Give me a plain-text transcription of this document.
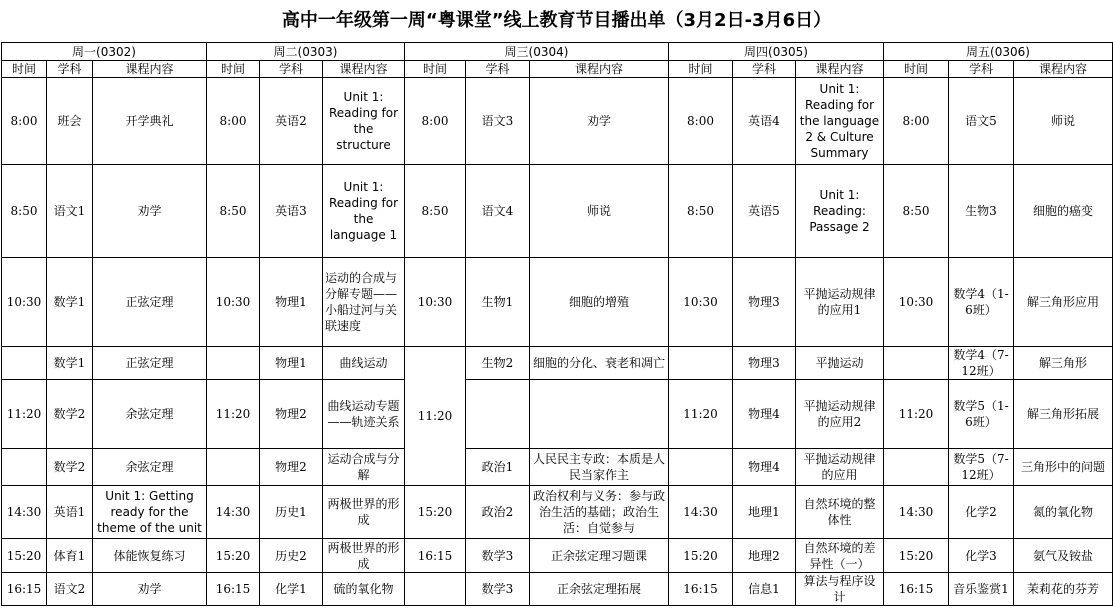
高中一年级第一周“粤课堂”线上教育节目播出单（3月2日-3月6日）
周一(0302)			周二(0303)			周三(0304)			周四(0305)			周五(0306)		
时间	学科	课程内容	时间	学科	课程内容	时间	学科	课程内容	时间	学科	课程内容	时间	学科	课程内容
8:00	班会	开学典礼	8:00	英语2	Unit 1: Reading for the structure	8:00	语文3	劝学	8:00	英语4	Unit 1: Reading for the language 2 & Culture Summary	8:00	语文5	师说
8:50	语文1	劝学	8:50	英语3	Unit 1: Reading for the language 1	8:50	语文4	师说	8:50	英语5	Unit 1: Reading: Passage 2	8:50	生物3	细胞的癌变
10:30	数学1	正弦定理	10:30	物理1	运动的合成与分解专题——小船过河与关联速度	10:30	生物1	细胞的增殖	10:30	物理3	平抛运动规律的应用1	10:30	数学4（1-6班）	解三角形应用
	数学1	正弦定理		物理1	曲线运动	11:20	生物2	细胞的分化、衰老和凋亡		物理3	平抛运动		数学4（7-12班）	解三角形
11:20	数学2	余弦定理	11:20	物理2	曲线运动专题——轨迹关系				11:20	物理4	平抛运动规律的应用2	11:20	数学5（1-6班）	解三角形拓展
	数学2	余弦定理		物理2	运动合成与分解		政治1	人民民主专政：本质是人民当家作主		物理4	平抛运动规律的应用		数学5（7-12班）	三角形中的问题
14:30	英语1	Unit 1: Getting ready for the theme of the unit	14:30	历史1	两极世界的形成	15:20	政治2	政治权利与义务：参与政治生活的基础；政治生活：自觉参与	14:30	地理1	自然环境的整体性	14:30	化学2	氮的氧化物
15:20	体育1	体能恢复练习	15:20	历史2	两极世界的形成	16:15	数学3	正余弦定理习题课	15:20	地理2	自然环境的差异性（一）	15:20	化学3	氨气及铵盐
16:15	语文2	劝学	16:15	化学1	硫的氧化物		数学3	正余弦定理拓展	16:15	信息1	算法与程序设计	16:15	音乐鉴赏1	茉莉花的芬芳
